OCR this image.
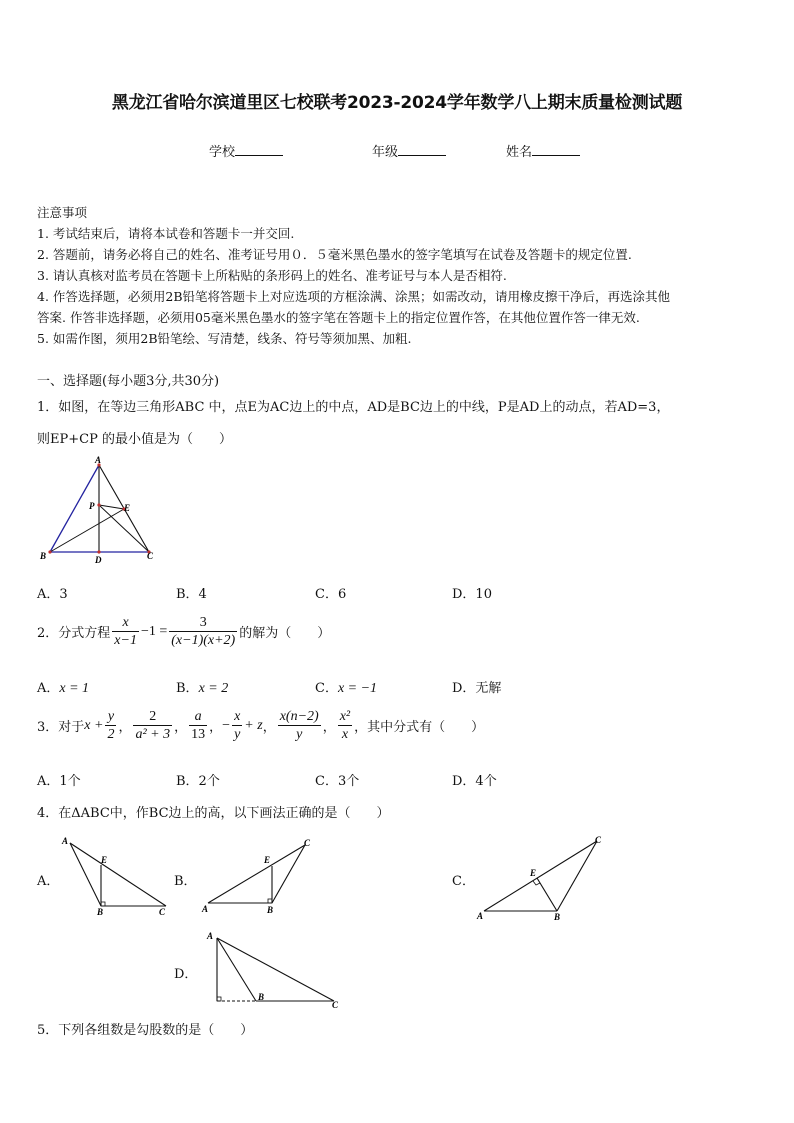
黑龙江省哈尔滨道里区七校联考2023-2024学年数学八上期末质量检测试题
学校	年级	姓名
注意事项
1. 考试结束后，请将本试卷和答题卡一并交回.
2. 答题前，请务必将自己的姓名、准考证号用０．５毫米黑色墨水的签字笔填写在试卷及答题卡的规定位置.
3. 请认真核对监考员在答题卡上所粘贴的条形码上的姓名、准考证号与本人是否相符.
4. 作答选择题，必须用2B铅笔将答题卡上对应选项的方框涂满、涂黑；如需改动，请用橡皮擦干净后，再选涂其他
答案. 作答非选择题，必须用05毫米黑色墨水的签字笔在答题卡上的指定位置作答，在其他位置作答一律无效.
5. 如需作图，须用2B铅笔绘、写清楚，线条、符号等须加黑、加粗.
一、选择题(每小题3分,共30分)
1．如图，在等边三角形ABC 中，点E为AC边上的中点，AD是BC边上的中线，P是AD上的动点，若AD=3，
则EP+CP 的最小值是为（　　）
A
B	C
D
P	E
A．3	B．4	C．6	D．10
2．分式方程 $\frac{x}{x-1} -1 = \frac{3}{(x-1)(x+2)}$ 的解为（　　）
A．x = 1	B．x = 2	C．x = −1	D．无解
3．对于 $x + \frac{y}{2}$ ， $\frac{2}{\text{a² + 3}}$ ， $\frac{a}{13}$ ， − $\frac{x}{y} + z$ ， $\frac{x(n-2)}{y}$ ， $\frac{\text{x²}}{x}$ ，其中分式有（　　）
A．1个	B．2个	C．3个	D．4个
4．在ΔABC中，作BC边上的高，以下画法正确的是（　　）
A．
A
E
B	C
B．
A
E
B
C
C．
A
E
B
C
D．
A
B
C
5．下列各组数是勾股数的是（　　）
